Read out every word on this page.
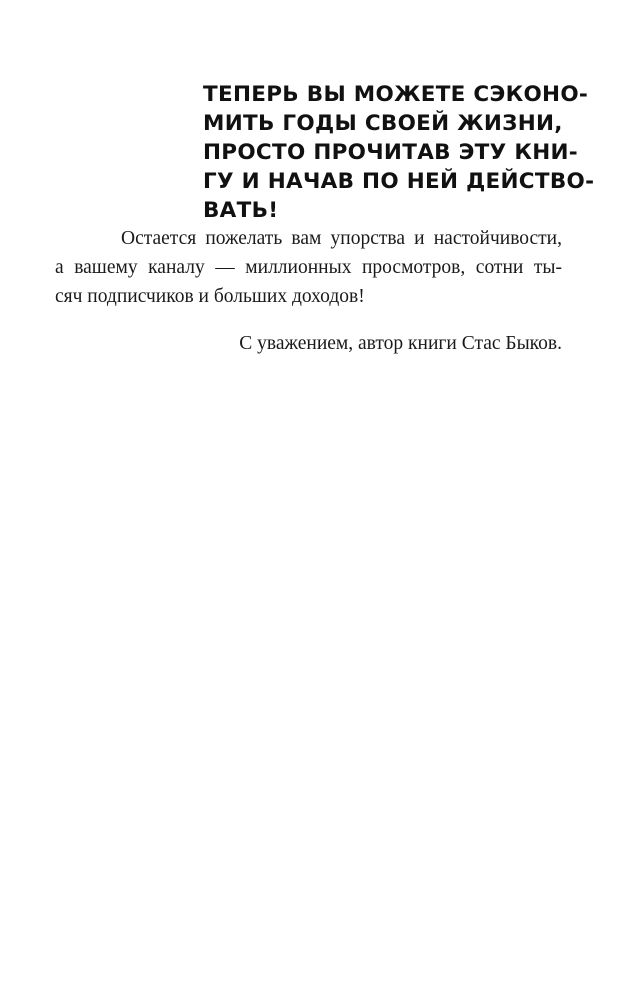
ТЕПЕРЬ ВЫ МОЖЕТЕ СЭКОНО-
МИТЬ ГОДЫ СВОЕЙ ЖИЗНИ,
ПРОСТО ПРОЧИТАВ ЭТУ КНИ-
ГУ И НАЧАВ ПО НЕЙ ДЕЙСТВО-
ВАТЬ!
Остается пожелать вам упорства и настойчивости,
а вашему каналу — миллионных просмотров, сотни ты-
сяч подписчиков и больших доходов!
С уважением, автор книги Стас Быков.
